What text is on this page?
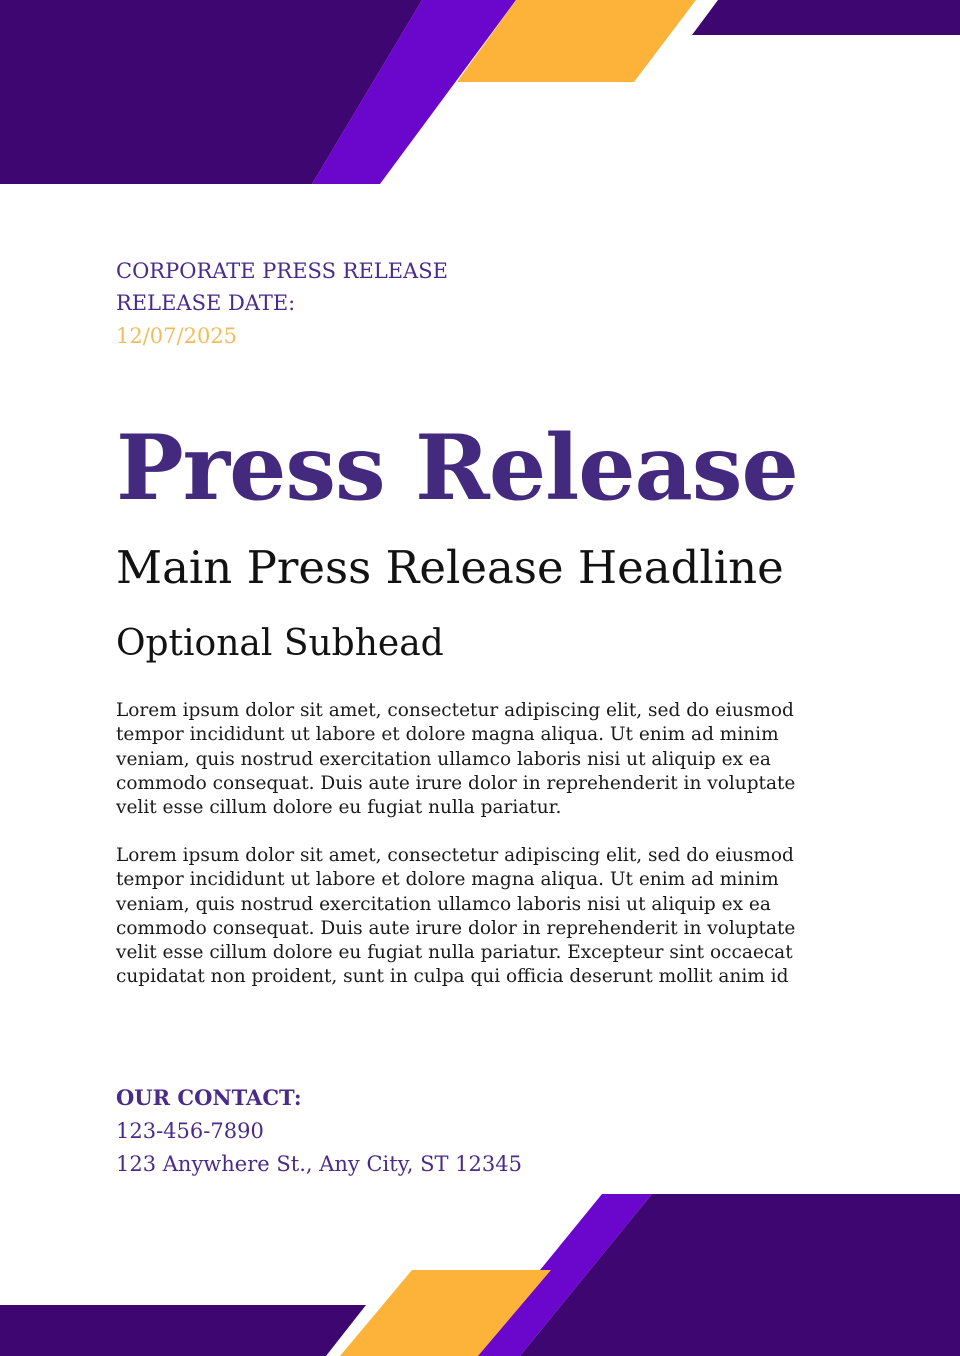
CORPORATE PRESS RELEASE
RELEASE DATE:
12/07/2025
Press Release
Main Press Release Headline
Optional Subhead

Lorem ipsum dolor sit amet, consectetur adipiscing elit, sed do eiusmod tempor incididunt ut labore et dolore magna aliqua. Ut enim ad minim veniam, quis nostrud exercitation ullamco laboris nisi ut aliquip ex ea commodo consequat. Duis aute irure dolor in reprehenderit in voluptate velit esse cillum dolore eu fugiat nulla pariatur.

Lorem ipsum dolor sit amet, consectetur adipiscing elit, sed do eiusmod tempor incididunt ut labore et dolore magna aliqua. Ut enim ad minim veniam, quis nostrud exercitation ullamco laboris nisi ut aliquip ex ea commodo consequat. Duis aute irure dolor in reprehenderit in voluptate velit esse cillum dolore eu fugiat nulla pariatur. Excepteur sint occaecat cupidatat non proident, sunt in culpa qui officia deserunt mollit anim id

OUR CONTACT:
123-456-7890
123 Anywhere St., Any City, ST 12345
